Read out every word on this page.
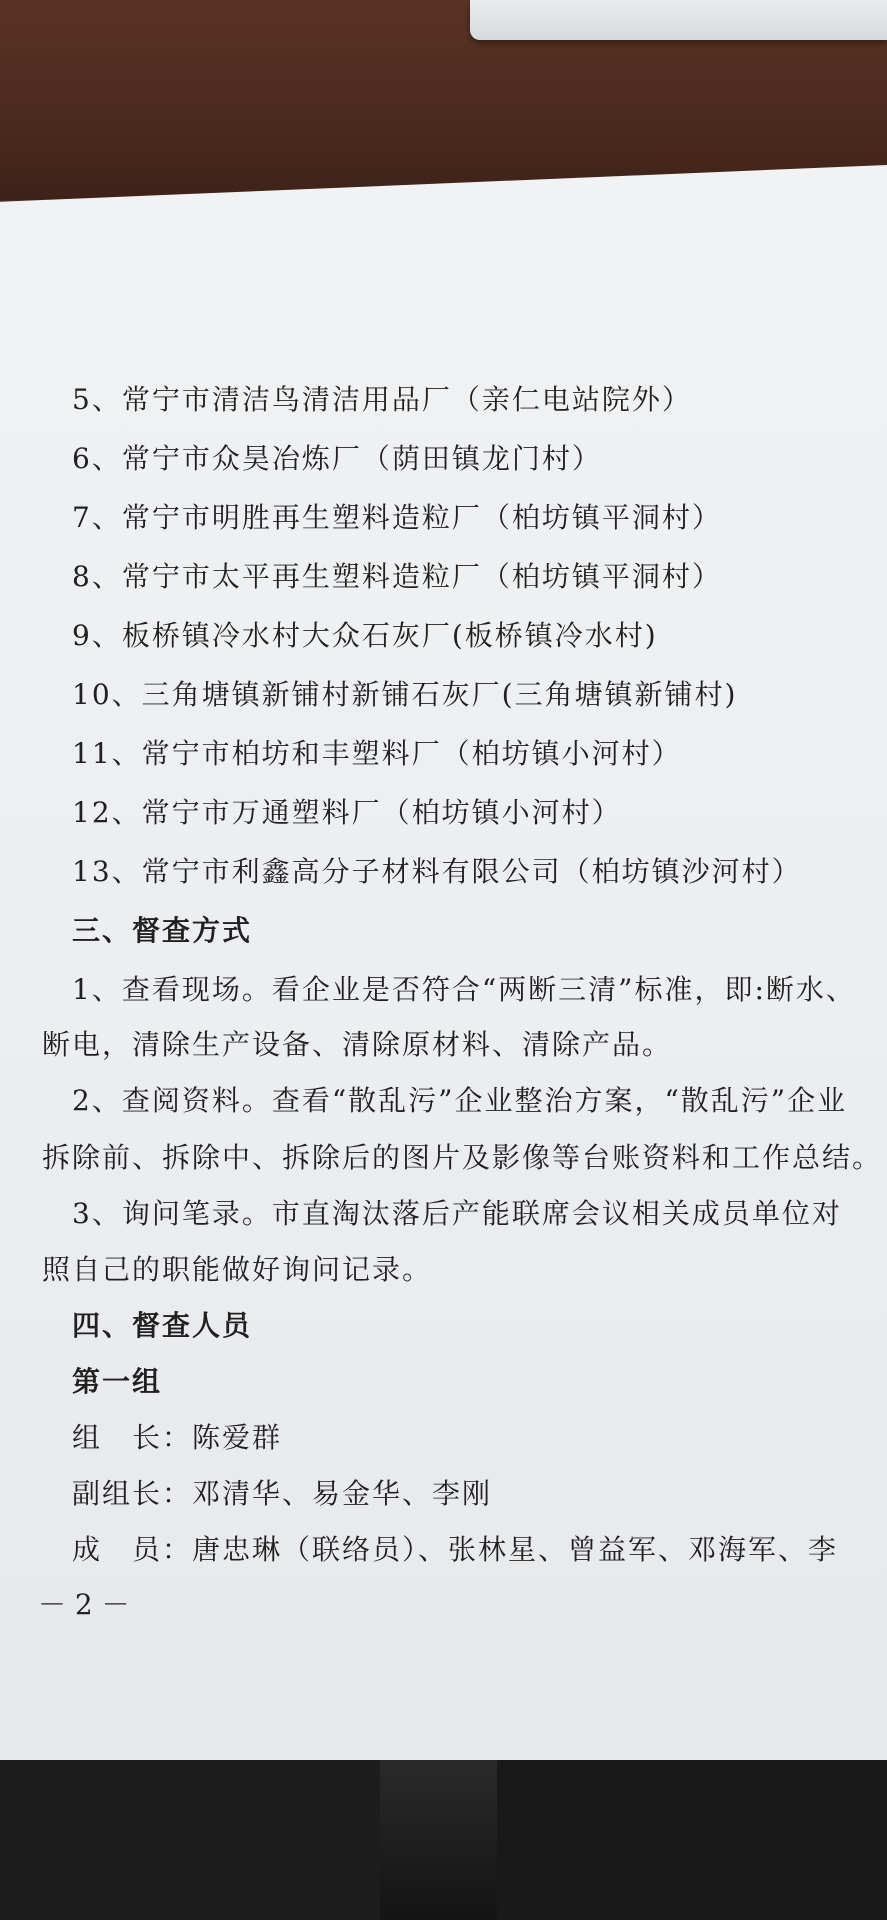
5、常宁市清洁鸟清洁用品厂（亲仁电站院外）
6、常宁市众昊冶炼厂（荫田镇龙门村）
7、常宁市明胜再生塑料造粒厂（柏坊镇平洞村）
8、常宁市太平再生塑料造粒厂（柏坊镇平洞村）
9、板桥镇冷水村大众石灰厂(板桥镇冷水村)
10、三角塘镇新铺村新铺石灰厂(三角塘镇新铺村)
11、常宁市柏坊和丰塑料厂（柏坊镇小河村）
12、常宁市万通塑料厂（柏坊镇小河村）
13、常宁市利鑫高分子材料有限公司（柏坊镇沙河村）
三、督查方式
1、查看现场。看企业是否符合“两断三清”标准，即:断水、
断电，清除生产设备、清除原材料、清除产品。
2、查阅资料。查看“散乱污”企业整治方案，“散乱污”企业
拆除前、拆除中、拆除后的图片及影像等台账资料和工作总结。
3、询问笔录。市直淘汰落后产能联席会议相关成员单位对
照自己的职能做好询问记录。
四、督查人员
第一组
组　长：陈爱群
副组长：邓清华、易金华、李刚
成　员：唐忠琳（联络员）、张林星、曾益军、邓海军、李
－ 2 －
